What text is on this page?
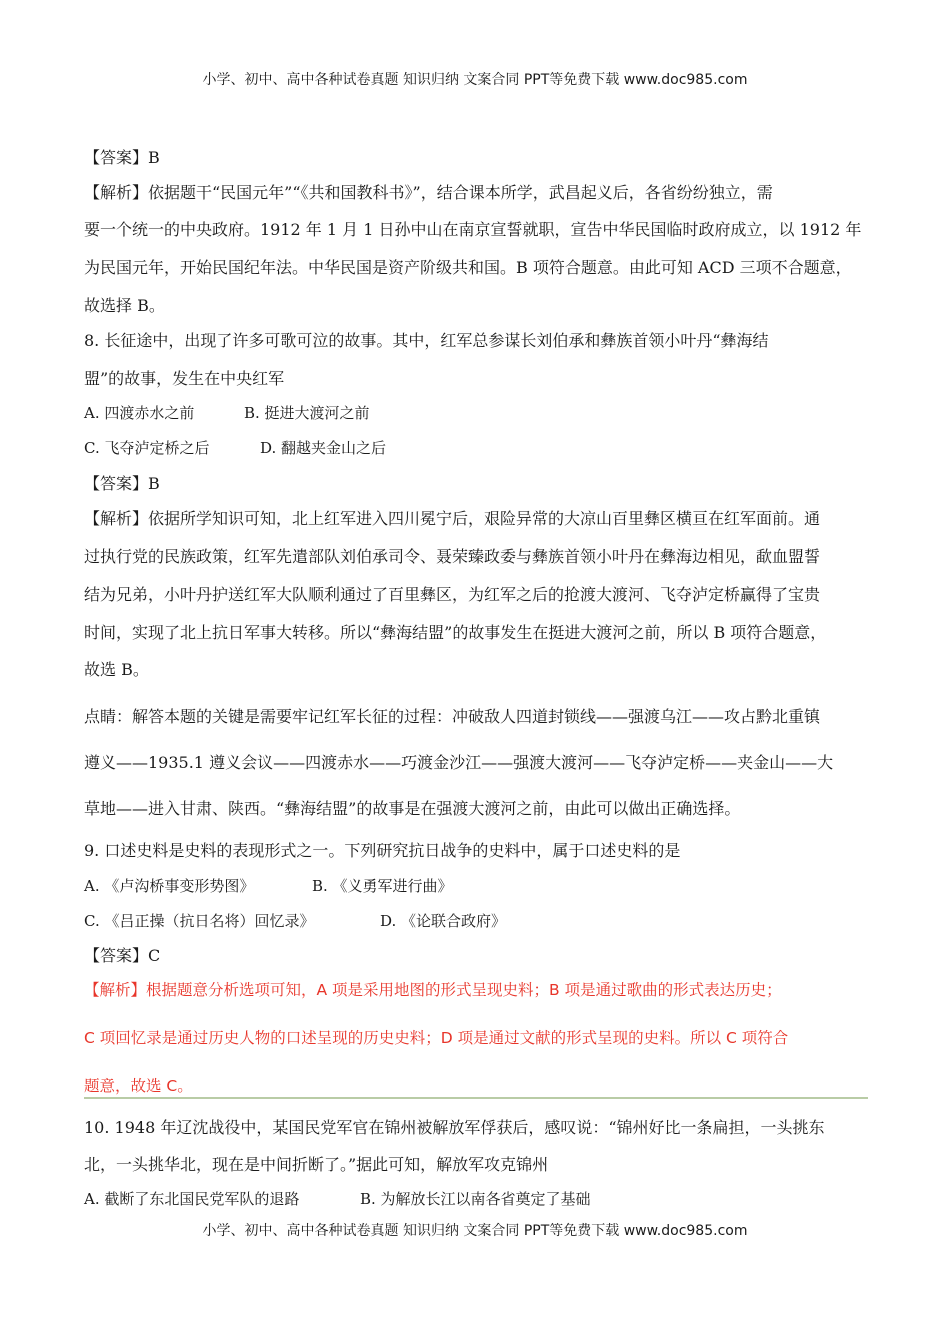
小学、初中、高中各种试卷真题 知识归纳 文案合同 PPT等免费下载 www.doc985.com
【答案】B
【解析】依据题干“民国元年”“《共和国教科书》”，结合课本所学，武昌起义后，各省纷纷独立，需
要一个统一的中央政府。1912 年 1 月 1 日孙中山在南京宣誓就职，宣告中华民国临时政府成立，以 1912 年
为民国元年，开始民国纪年法。中华民国是资产阶级共和国。B 项符合题意。由此可知 ACD 三项不合题意，
故选择 B。
8. 长征途中，出现了许多可歌可泣的故事。其中，红军总参谋长刘伯承和彝族首领小叶丹“彝海结
盟”的故事，发生在中央红军
A. 四渡赤水之前	B. 挺进大渡河之前
C. 飞夺泸定桥之后	D. 翻越夹金山之后
【答案】B
【解析】依据所学知识可知，北上红军进入四川冕宁后，艰险异常的大凉山百里彝区横亘在红军面前。通
过执行党的民族政策，红军先遣部队刘伯承司令、聂荣臻政委与彝族首领小叶丹在彝海边相见，歃血盟誓
结为兄弟，小叶丹护送红军大队顺利通过了百里彝区，为红军之后的抢渡大渡河、飞夺泸定桥赢得了宝贵
时间，实现了北上抗日军事大转移。所以“彝海结盟”的故事发生在挺进大渡河之前，所以 B 项符合题意，
故选 B。
点睛：解答本题的关键是需要牢记红军长征的过程：冲破敌人四道封锁线——强渡乌江——攻占黔北重镇
遵义——1935.1 遵义会议——四渡赤水——巧渡金沙江——强渡大渡河——飞夺泸定桥——夹金山——大
草地——进入甘肃、陕西。“彝海结盟”的故事是在强渡大渡河之前，由此可以做出正确选择。
9. 口述史料是史料的表现形式之一。下列研究抗日战争的史料中，属于口述史料的是
A. 《卢沟桥事变形势图》	B. 《义勇军进行曲》
C. 《吕正操（抗日名将）回忆录》	D. 《论联合政府》
【答案】C
【解析】根据题意分析选项可知，A 项是采用地图的形式呈现史料；B 项是通过歌曲的形式表达历史；
C 项回忆录是通过历史人物的口述呈现的历史史料；D 项是通过文献的形式呈现的史料。所以 C 项符合
题意，故选 C。
10. 1948 年辽沈战役中，某国民党军官在锦州被解放军俘获后，感叹说：“锦州好比一条扁担，一头挑东
北，一头挑华北，现在是中间折断了。”据此可知，解放军攻克锦州
A. 截断了东北国民党军队的退路	B. 为解放长江以南各省奠定了基础
小学、初中、高中各种试卷真题 知识归纳 文案合同 PPT等免费下载 www.doc985.com
